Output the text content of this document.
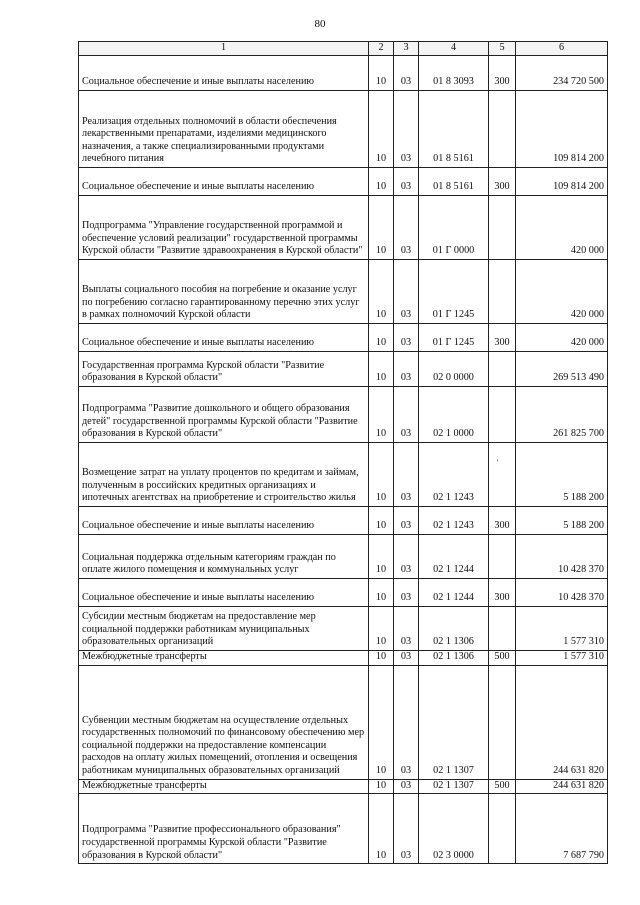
80
1	2	3	4	5	6
Социальное обеспечение и иные выплаты населению	10	03	01 8 3093	300	234 720 500
Реализация отдельных полномочий в области обеспечения лекарственными препаратами, изделиями медицинского назначения, а также специализированными продуктами лечебного питания	10	03	01 8 5161		109 814 200
Социальное обеспечение и иные выплаты населению	10	03	01 8 5161	300	109 814 200
Подпрограмма "Управление государственной программой и обеспечение условий реализации" государственной программы Курской области "Развитие здравоохранения в Курской области"	10	03	01 Г 0000		420 000
Выплаты социального пособия на погребение и оказание услуг по погребению согласно гарантированному перечню этих услуг в рамках полномочий Курской области	10	03	01 Г 1245		420 000
Социальное обеспечение и иные выплаты населению	10	03	01 Г 1245	300	420 000
Государственная программа Курской области "Развитие образования в Курской области"	10	03	02 0 0000		269 513 490
Подпрограмма "Развитие дошкольного и общего образования детей" государственной программы Курской области "Развитие образования в Курской области"	10	03	02 1 0000		261 825 700
Возмещение затрат на уплату процентов по кредитам и займам, полученным в российских кредитных организациях и ипотечных агентствах на приобретение и строительство жилья	10	03	02 1 1243		5 188 200
Социальное обеспечение и иные выплаты населению	10	03	02 1 1243	300	5 188 200
Социальная поддержка отдельным категориям граждан по оплате жилого помещения и коммунальных услуг	10	03	02 1 1244		10 428 370
Социальное обеспечение и иные выплаты населению	10	03	02 1 1244	300	10 428 370
Субсидии местным бюджетам на предоставление мер социальной поддержки работникам муниципальных образовательных организаций	10	03	02 1 1306		1 577 310
Межбюджетные трансферты	10	03	02 1 1306	500	1 577 310
Субвенции местным бюджетам на осуществление отдельных государственных полномочий по финансовому обеспечению мер социальной поддержки на предоставление компенсации расходов на оплату жилых помещений, отопления и освещения работникам муниципальных образовательных организаций	10	03	02 1 1307		244 631 820
Межбюджетные трансферты	10	03	02 1 1307	500	244 631 820
Подпрограмма "Развитие профессионального образования" государственной программы Курской области "Развитие образования в Курской области"	10	03	02 3 0000		7 687 790
'
